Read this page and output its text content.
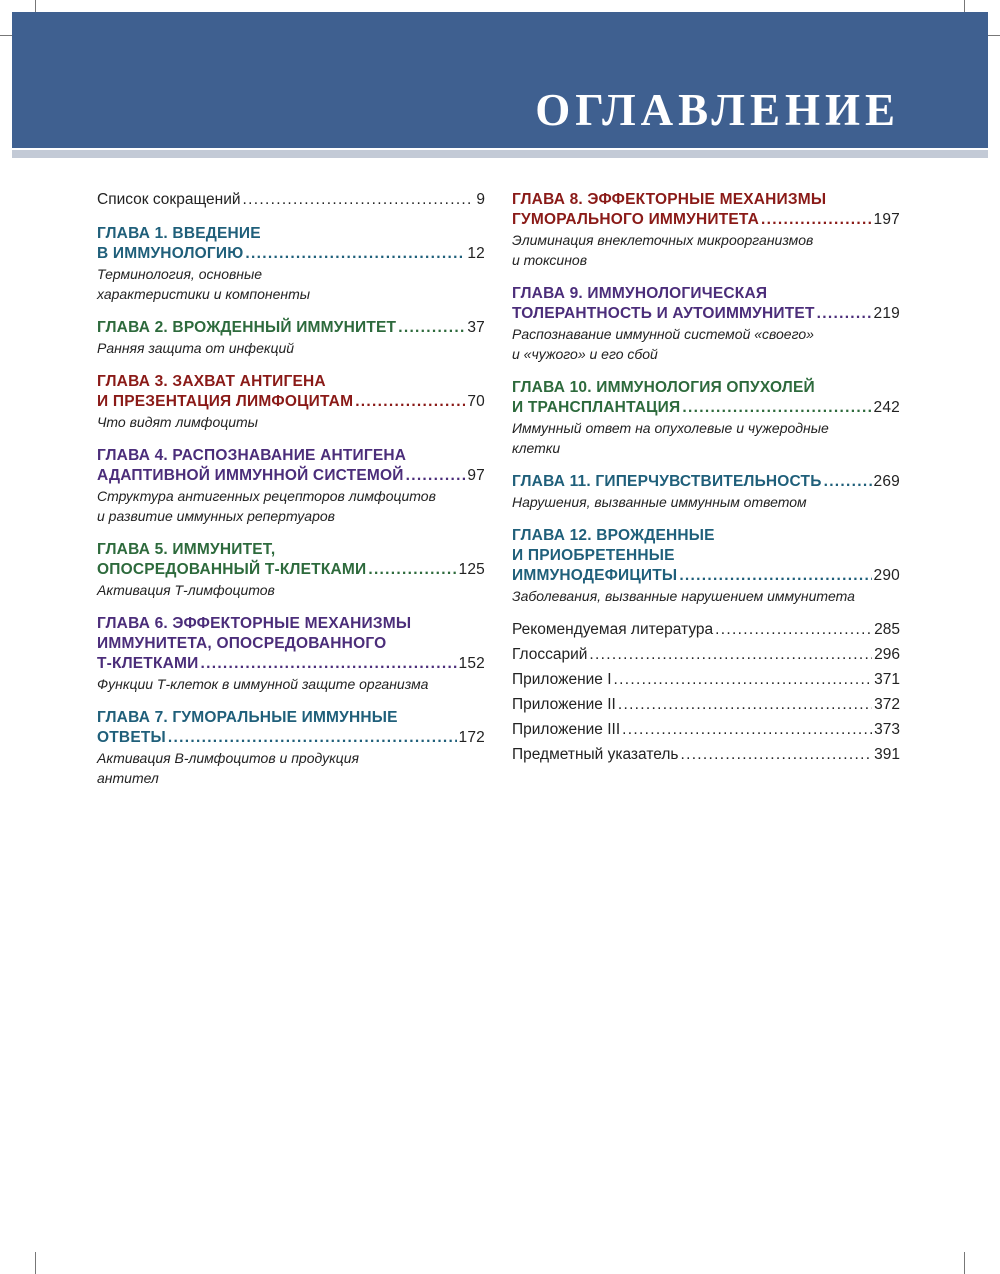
ОГЛАВЛЕНИЕ
Список сокращений . . .	9
ГЛАВА 1. ВВЕДЕНИЕ
В ИММУНОЛОГИЮ . . .	12
Терминология, основные
характеристики и компоненты
ГЛАВА 2. ВРОЖДЕННЫЙ ИММУНИТЕТ . . .	37
Ранняя защита от инфекций
ГЛАВА 3. ЗАХВАТ АНТИГЕНА
И ПРЕЗЕНТАЦИЯ ЛИМФОЦИТАМ . . .	70
Что видят лимфоциты
ГЛАВА 4. РАСПОЗНАВАНИЕ АНТИГЕНА
АДАПТИВНОЙ ИММУННОЙ СИСТЕМОЙ . . .	97
Структура антигенных рецепторов лимфоцитов
и развитие иммунных репертуаров
ГЛАВА 5. ИММУНИТЕТ,
ОПОСРЕДОВАННЫЙ Т-КЛЕТКАМИ . . .	125
Активация Т-лимфоцитов
ГЛАВА 6. ЭФФЕКТОРНЫЕ МЕХАНИЗМЫ
ИММУНИТЕТА, ОПОСРЕДОВАННОГО
Т-КЛЕТКАМИ . . .	152
Функции Т-клеток в иммунной защите организма
ГЛАВА 7. ГУМОРАЛЬНЫЕ ИММУННЫЕ
ОТВЕТЫ . . .	172
Активация В-лимфоцитов и продукция
антител
ГЛАВА 8. ЭФФЕКТОРНЫЕ МЕХАНИЗМЫ
ГУМОРАЛЬНОГО ИММУНИТЕТА . . .	197
Элиминация внеклеточных микроорганизмов
и токсинов
ГЛАВА 9. ИММУНОЛОГИЧЕСКАЯ
ТОЛЕРАНТНОСТЬ И АУТОИММУНИТЕТ . . .	219
Распознавание иммунной системой «своего»
и «чужого» и его сбой
ГЛАВА 10. ИММУНОЛОГИЯ ОПУХОЛЕЙ
И ТРАНСПЛАНТАЦИЯ . . .	242
Иммунный ответ на опухолевые и чужеродные
клетки
ГЛАВА 11. ГИПЕРЧУВСТВИТЕЛЬНОСТЬ . . .	269
Нарушения, вызванные иммунным ответом
ГЛАВА 12. ВРОЖДЕННЫЕ
И ПРИОБРЕТЕННЫЕ
ИММУНОДЕФИЦИТЫ . . .	290
Заболевания, вызванные нарушением иммунитета
Рекомендуемая литература . . .	285
Глоссарий . . .	296
Приложение I . . .	371
Приложение II . . .	372
Приложение III . . .	373
Предметный указатель . . .	391
